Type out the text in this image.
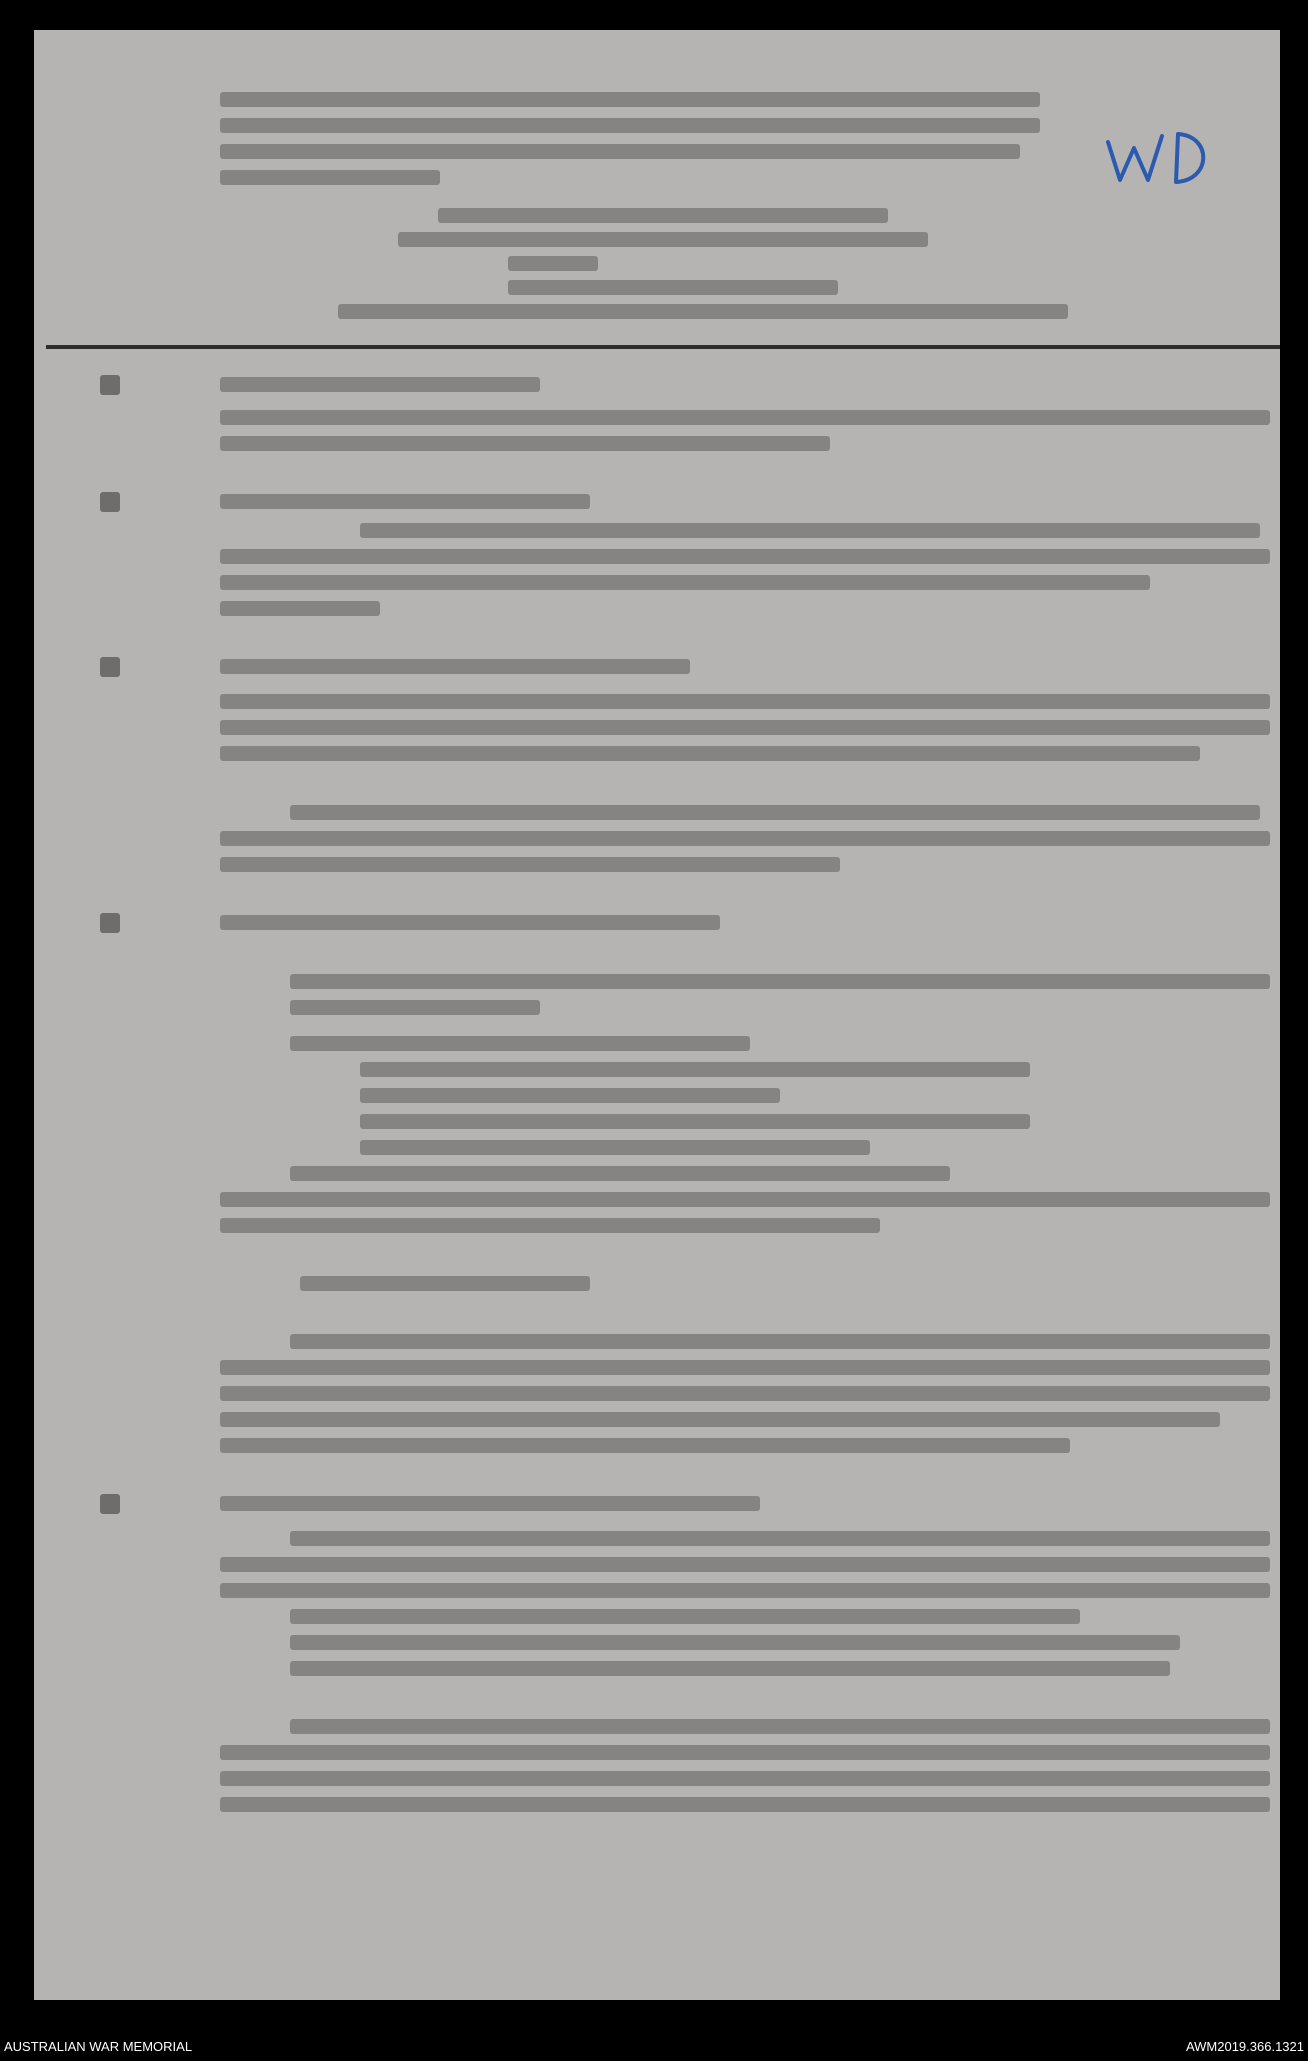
AUSTRALIAN WAR MEMORIAL	AWM2019.366.1321
